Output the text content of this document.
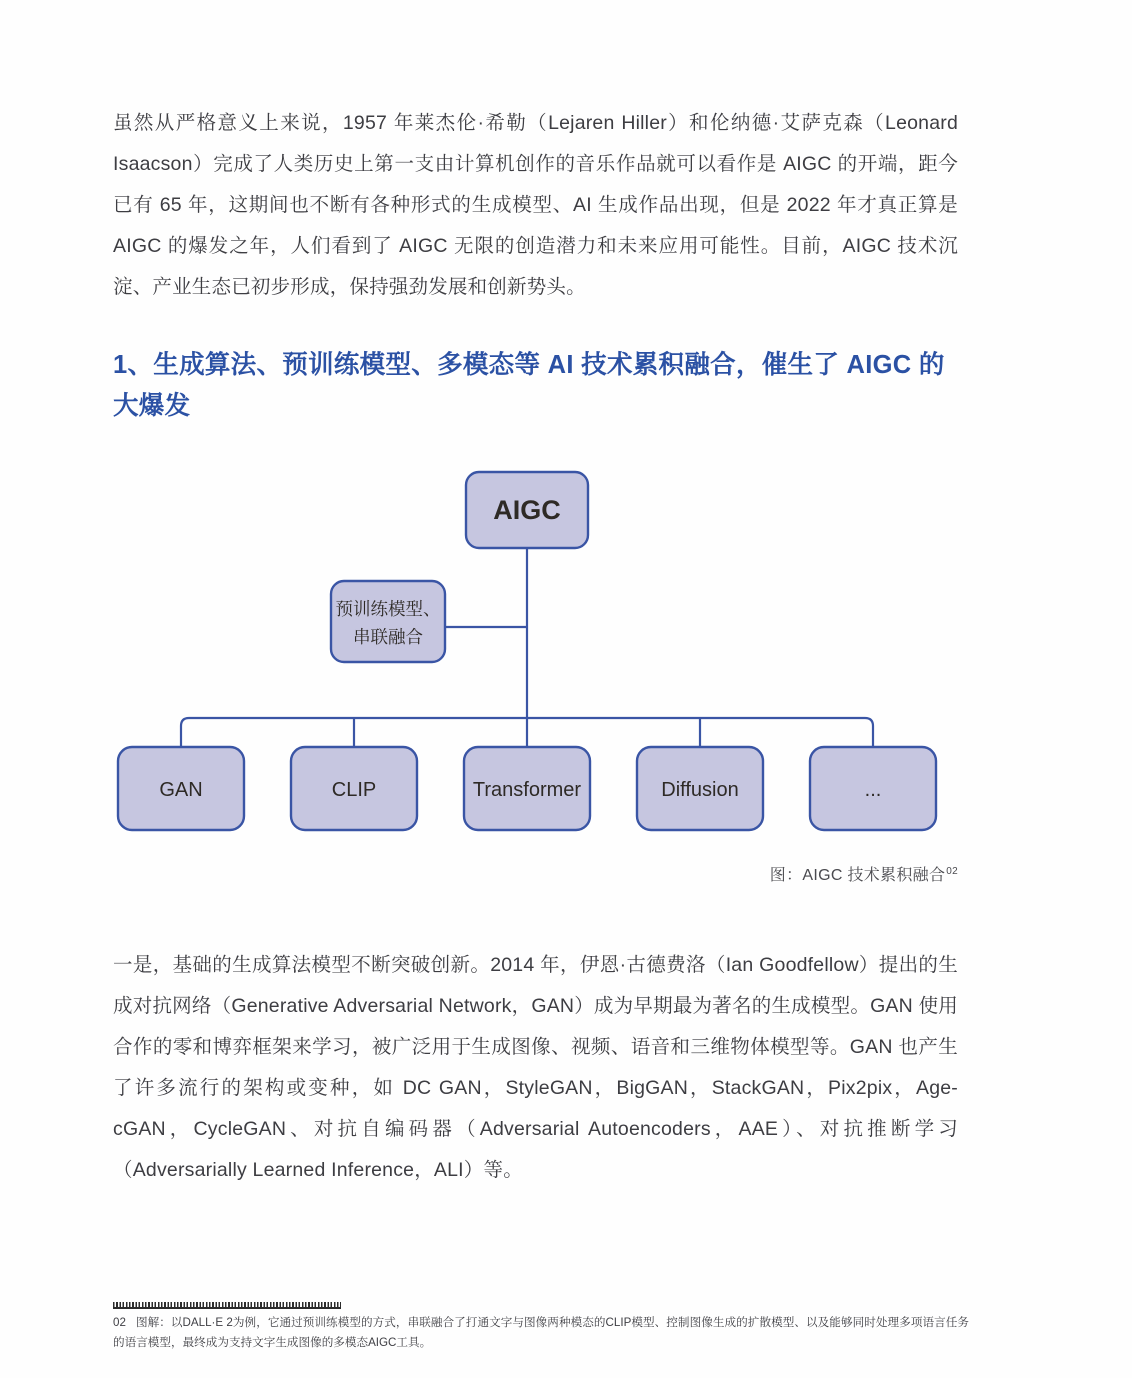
虽然从严格意义上来说，1957 年莱杰伦·希勒（Lejaren Hiller）和伦纳德·艾萨克森（Leonard Isaacson）完成了人类历史上第一支由计算机创作的音乐作品就可以看作是 AIGC 的开端，距今已有 65 年，这期间也不断有各种形式的生成模型、AI 生成作品出现，但是 2022 年才真正算是 AIGC 的爆发之年，人们看到了 AIGC 无限的创造潜力和未来应用可能性。目前，AIGC 技术沉淀、产业生态已初步形成，保持强劲发展和创新势头。

1、生成算法、预训练模型、多模态等 AI 技术累积融合，催生了 AIGC 的大爆发
AIGC
预训练模型、
串联融合
GAN	CLIP	Transformer	Diffusion	...
图：AIGC 技术累积融合$^{02}$

一是，基础的生成算法模型不断突破创新。2014 年，伊恩·古德费洛（Ian Goodfellow）提出的生成对抗网络（Generative Adversarial Network，GAN）成为早期最为著名的生成模型。GAN 使用合作的零和博弈框架来学习，被广泛用于生成图像、视频、语音和三维物体模型等。GAN 也产生了许多流行的架构或变种，如 DC GAN，StyleGAN，BigGAN，StackGAN，Pix2pix，Age-cGAN，CycleGAN、对抗自编码器（Adversarial Autoencoders，AAE）、对抗推断学习（Adversarially Learned Inference，ALI）等。

02 图解：以DALL·E 2为例，它通过预训练模型的方式，串联融合了打通文字与图像两种模态的CLIP模型、控制图像生成的扩散模型、以及能够同时处理多项语言任务的语言模型，最终成为支持文字生成图像的多模态AIGC工具。
